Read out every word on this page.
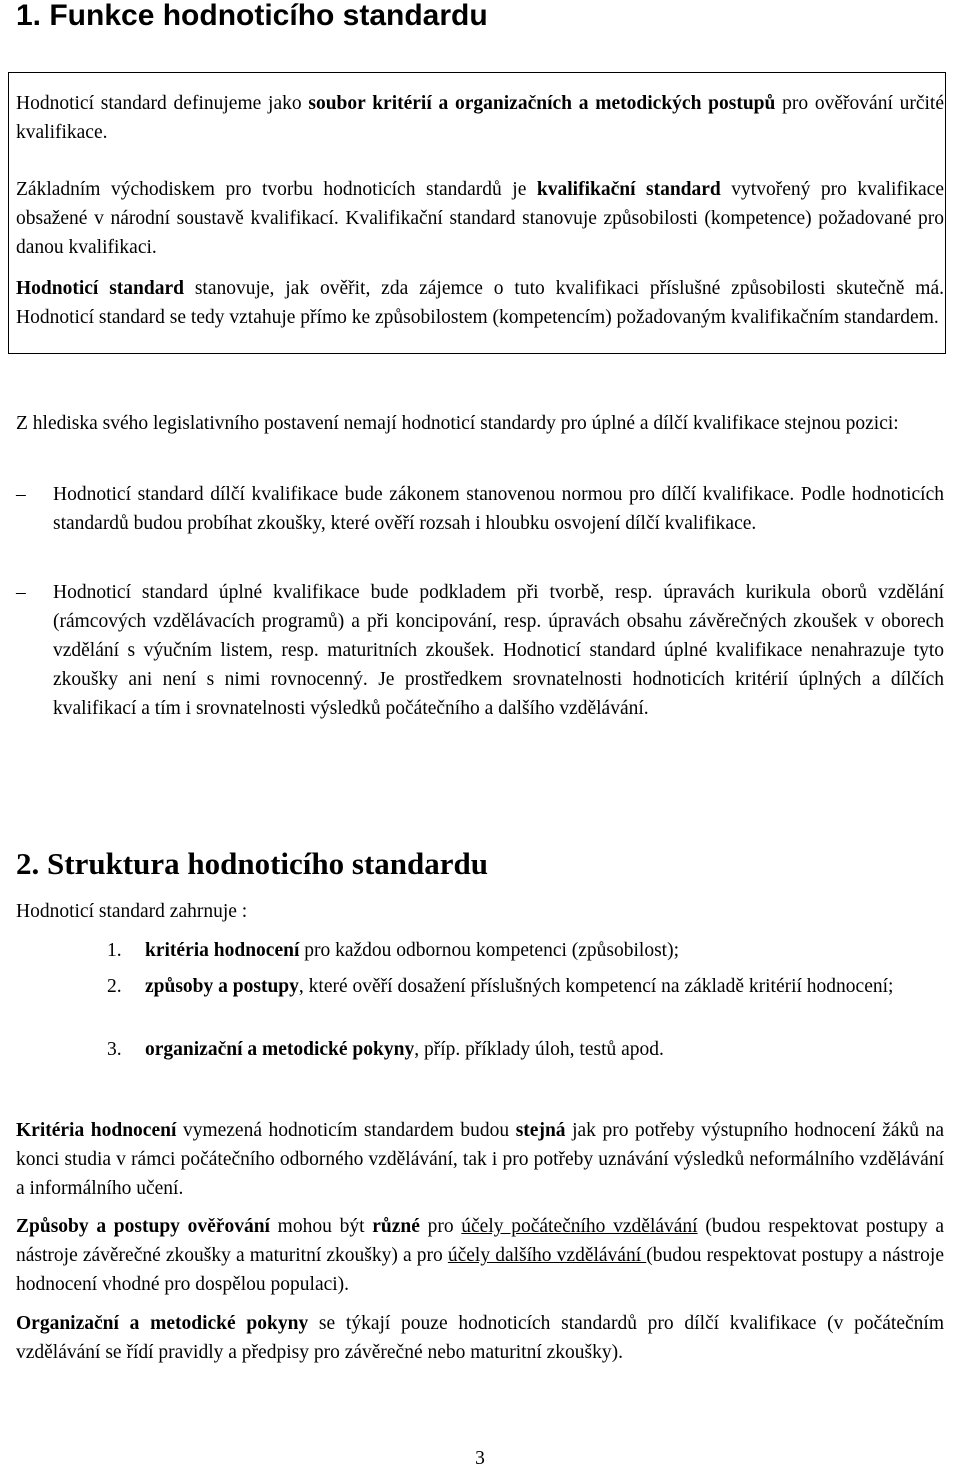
1. Funkce hodnoticího standardu

Hodnoticí standard definujeme jako soubor kritérií a organizačních a metodických postupů pro ověřování určité kvalifikace.

Základním východiskem pro tvorbu hodnoticích standardů je kvalifikační standard vytvořený pro kvalifikace obsažené v národní soustavě kvalifikací. Kvalifikační standard stanovuje způsobilosti (kompetence) požadované pro danou kvalifikaci.

Hodnoticí standard stanovuje, jak ověřit, zda zájemce o tuto kvalifikaci příslušné způsobilosti skutečně má. Hodnoticí standard se tedy vztahuje přímo ke způsobilostem (kompetencím) požadovaným kvalifikačním standardem.

Z hlediska svého legislativního postavení nemají hodnoticí standardy pro úplné a dílčí kvalifikace stejnou pozici:

– Hodnoticí standard dílčí kvalifikace bude zákonem stanovenou normou pro dílčí kvalifikace. Podle hodnoticích standardů budou probíhat zkoušky, které ověří rozsah i hloubku osvojení dílčí kvalifikace.
– Hodnoticí standard úplné kvalifikace bude podkladem při tvorbě, resp. úpravách kurikula oborů vzdělání (rámcových vzdělávacích programů) a při koncipování, resp. úpravách obsahu závěrečných zkoušek v oborech vzdělání s výučním listem, resp. maturitních zkoušek. Hodnoticí standard úplné kvalifikace nenahrazuje tyto zkoušky ani není s nimi rovnocenný. Je prostředkem srovnatelnosti hodnoticích kritérií úplných a dílčích kvalifikací a tím i srovnatelnosti výsledků počátečního a dalšího vzdělávání.
2. Struktura hodnoticího standardu

Hodnoticí standard zahrnuje :

1. kritéria hodnocení pro každou odbornou kompetenci (způsobilost);
2. způsoby a postupy, které ověří dosažení příslušných kompetencí na základě kritérií hodnocení;
3. organizační a metodické pokyny, příp. příklady úloh, testů apod.

Kritéria hodnocení vymezená hodnoticím standardem budou stejná jak pro potřeby výstupního hodnocení žáků na konci studia v rámci počátečního odborného vzdělávání, tak i pro potřeby uznávání výsledků neformálního vzdělávání a informálního učení.

Způsoby a postupy ověřování mohou být různé pro účely počátečního vzdělávání (budou respektovat postupy a nástroje závěrečné zkoušky a maturitní zkoušky) a pro účely dalšího vzdělávání (budou respektovat postupy a nástroje hodnocení vhodné pro dospělou populaci).

Organizační a metodické pokyny se týkají pouze hodnoticích standardů pro dílčí kvalifikace (v počátečním vzdělávání se řídí pravidly a předpisy pro závěrečné nebo maturitní zkoušky).

3
